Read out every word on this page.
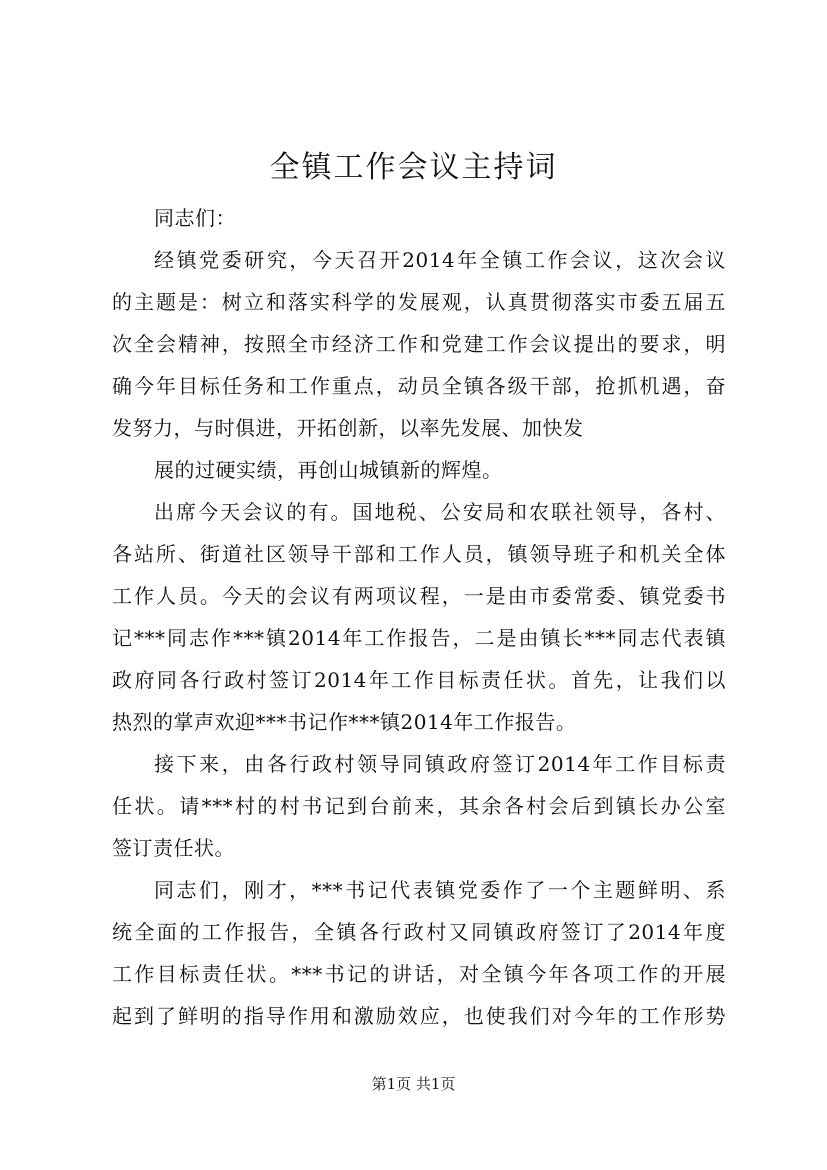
全镇工作会议主持词
同志们：
经镇党委研究，今天召开2014年全镇工作会议，这次会议
的主题是：树立和落实科学的发展观，认真贯彻落实市委五届五
次全会精神，按照全市经济工作和党建工作会议提出的要求，明
确今年目标任务和工作重点，动员全镇各级干部，抢抓机遇，奋
发努力，与时俱进，开拓创新，以率先发展、加快发
展的过硬实绩，再创山城镇新的辉煌。
出席今天会议的有。国地税、公安局和农联社领导，各村、
各站所、街道社区领导干部和工作人员，镇领导班子和机关全体
工作人员。今天的会议有两项议程，一是由市委常委、镇党委书
记***同志作***镇2014年工作报告，二是由镇长***同志代表镇
政府同各行政村签订2014年工作目标责任状。首先，让我们以
热烈的掌声欢迎***书记作***镇2014年工作报告。
接下来，由各行政村领导同镇政府签订2014年工作目标责
任状。请***村的村书记到台前来，其余各村会后到镇长办公室
签订责任状。
同志们，刚才，***书记代表镇党委作了一个主题鲜明、系
统全面的工作报告，全镇各行政村又同镇政府签订了2014年度
工作目标责任状。***书记的讲话，对全镇今年各项工作的开展
起到了鲜明的指导作用和激励效应，也使我们对今年的工作形势
第1页 共1页
